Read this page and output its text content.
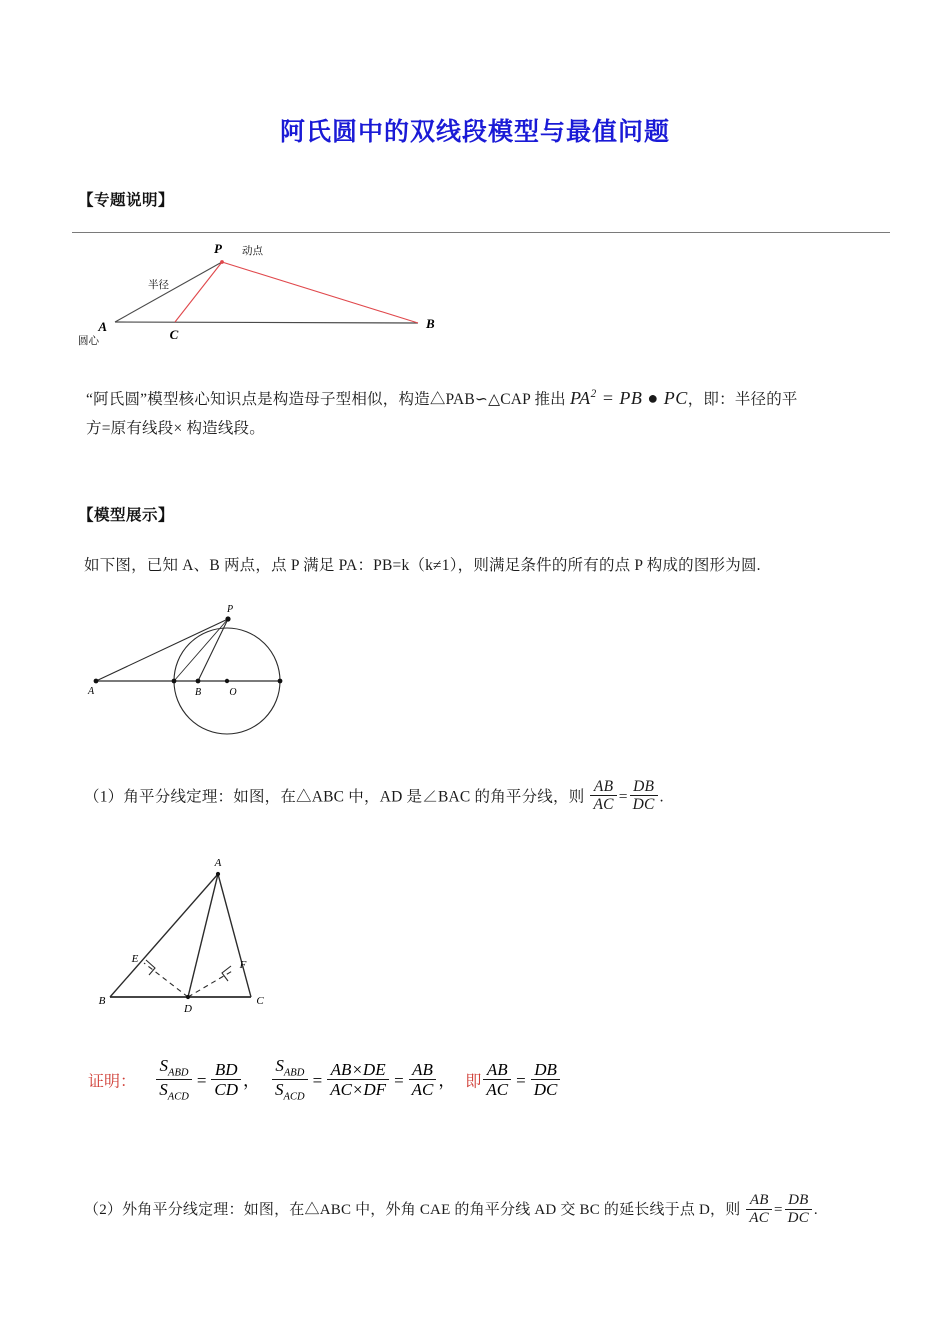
阿氏圆中的双线段模型与最值问题
【专题说明】
A
P
B
C
半径
动点
圆心
“阿氏圆”模型核心知识点是构造母子型相似，构造△PAB∽△CAP 推出 $PA^2$ = PB ● PC，即：半径的平
方=原有线段× 构造线段。
【模型展示】
如下图，已知 A、B 两点，点 P 满足 PA：PB=k（k≠1），则满足条件的所有的点 P 构成的图形为圆.
A	B	O
P
（1）角平分线定理：如图，在△ABC 中，AD 是∠BAC 的角平分线，则 $\frac{AB}{AC} = \frac{DB}{DC}$ .
A
B	C
D
E	F
证明： $\frac{S_{ABD}}{S_{ACD}} = \frac{BD}{CD}$ ， $\frac{S_{ABD}}{S_{ACD}} = \frac{AB\times DE}{AC\times DF} = \frac{AB}{AC}$ ， 即 $\frac{AB}{AC} = \frac{DB}{DC}$
（2）外角平分线定理：如图，在△ABC 中，外角 CAE 的角平分线 AD 交 BC 的延长线于点 D，则 $\frac{AB}{AC} = \frac{DB}{DC}$ .
